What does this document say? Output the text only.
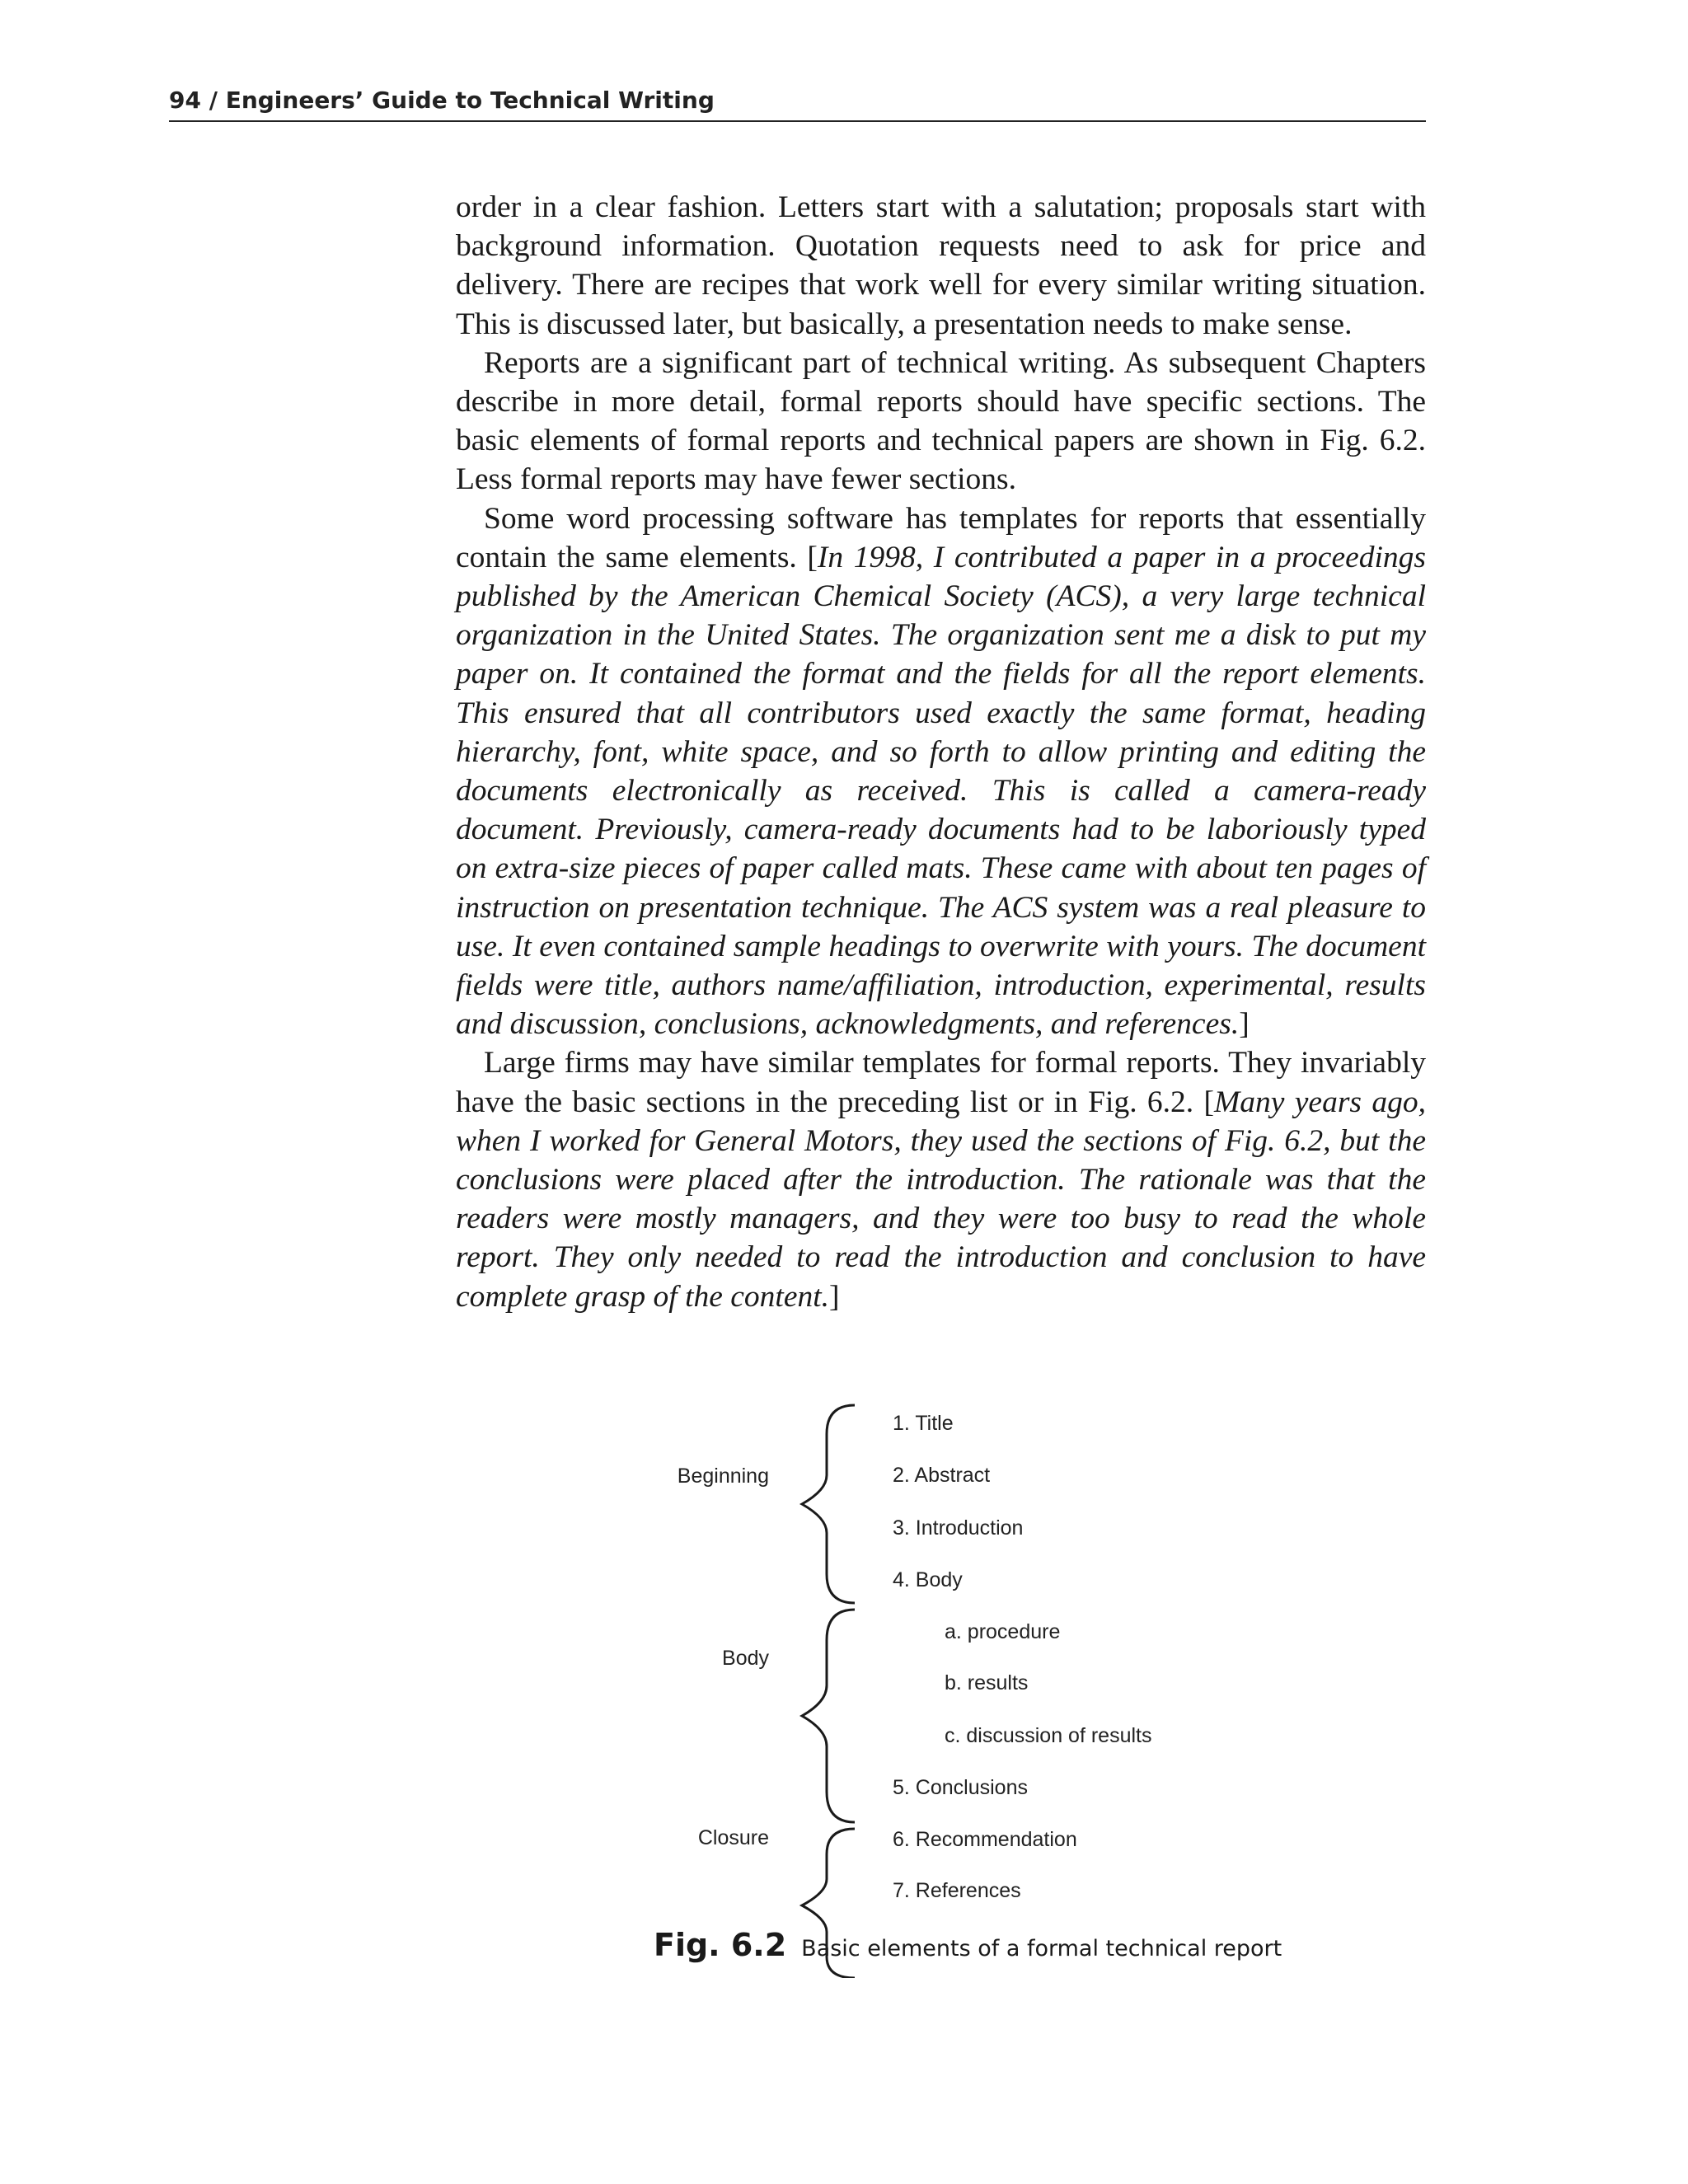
94 / Engineers’ Guide to Technical Writing

order in a clear fashion. Letters start with a salutation; proposals start with background information. Quotation requests need to ask for price and delivery. There are recipes that work well for every similar writing situation. This is discussed later, but basically, a presentation needs to make sense.

Reports are a significant part of technical writing. As subsequent Chapters describe in more detail, formal reports should have specific sections. The basic elements of formal reports and technical papers are shown in Fig. 6.2. Less formal reports may have fewer sections.

Some word processing software has templates for reports that essentially contain the same elements. [In 1998, I contributed a paper in a proceedings published by the American Chemical Society (ACS), a very large technical organization in the United States. The organization sent me a disk to put my paper on. It contained the format and the fields for all the report elements. This ensured that all contributors used exactly the same format, heading hierarchy, font, white space, and so forth to allow printing and editing the documents electronically as received. This is called a camera-ready document. Previously, camera-ready documents had to be laboriously typed on extra-size pieces of paper called mats. These came with about ten pages of instruction on presentation technique. The ACS system was a real pleasure to use. It even contained sample headings to overwrite with yours. The document fields were title, authors name/affiliation, introduction, experimental, results and discussion, conclusions, acknowledgments, and references.]

Large firms may have similar templates for formal reports. They invariably have the basic sections in the preceding list or in Fig. 6.2. [Many years ago, when I worked for General Motors, they used the sections of Fig. 6.2, but the conclusions were placed after the introduction. The rationale was that the readers were mostly managers, and they were too busy to read the whole report. They only needed to read the introduction and conclusion to have complete grasp of the content.]

Beginning
Body
Closure
1. Title
2. Abstract
3. Introduction
4. Body
a. procedure
b. results
c. discussion of results
5. Conclusions
6. Recommendation
7. References
Fig. 6.2 Basic elements of a formal technical report
